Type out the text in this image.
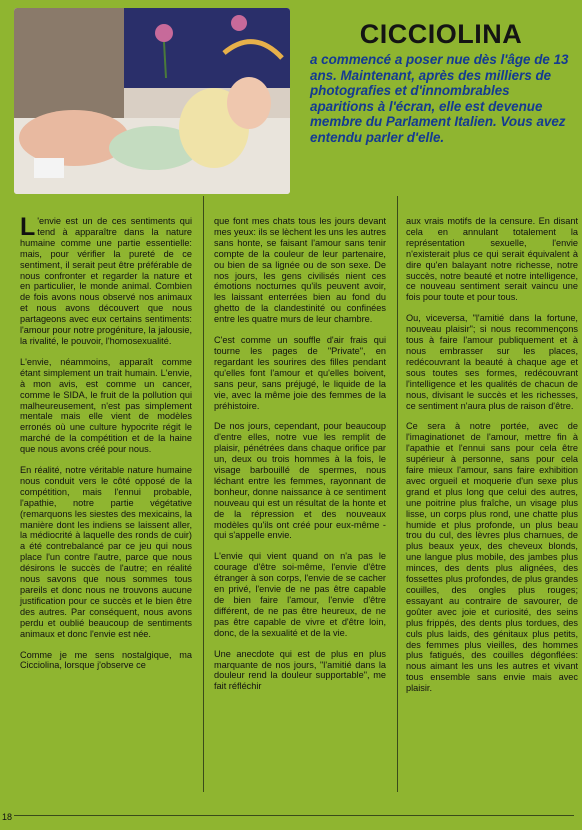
CICCIOLINA

a commencé a poser nue dès l'âge de 13 ans. Maintenant, après des milliers de photografies et d'innombrables aparitions à l'écran, elle est devenue membre du Parlament Italien. Vous avez entendu parler d'elle.

L 'envie est un de ces sentiments qui tend à apparaître dans la nature humaine comme une partie essentielle: mais, pour vérifier la pureté de ce sentiment, il serait peut être préférable de nous confronter et regarder la nature et en particulier, le monde animal. Combien de fois avons nous observé nos animaux et nous avons découvert que nous partageons avec eux certains sentiments: l'amour pour notre progéniture, la jalousie, la rivalité, le pouvoir, l'homosexualité.

L'envie, néammoins, apparaît comme étant simplement un trait humain. L'envie, à mon avis, est comme un cancer, comme le SIDA, le fruit de la pollution qui malheureusement, n'est pas simplement mentale mais elle vient de modèles erronés où une culture hypocrite régit le marché de la compétition et de la haine que nous avons créé pour nous.

En réalité, notre véritable nature humaine nous conduit vers le côté opposé de la compétition, mais l'ennui probable, l'apathie, notre partie végétative (remarquons les siestes des mexicains, la manière dont les indiens se laissent aller, la médiocrité à laquelle des ronds de cuir) a été contrebalancé par ce jeu qui nous place l'un contre l'autre, parce que nous désirons le succès de l'autre; en réalité nous savons que nous sommes tous pareils et donc nous ne trouvons aucune justification pour ce succès et le bien être des autres. Par conséquent, nous avons perdu et oublié beaucoup de sentiments animaux et donc l'envie est née.

Comme je me sens nostalgique, ma Cicciolina, lorsque j'observe ce

que font mes chats tous les jours devant mes yeux: ils se lèchent les uns les autres sans honte, se faisant l'amour sans tenir compte de la couleur de leur partenaire, ou bien de sa lignée ou de son sexe. De nos jours, les gens civilisés nient ces émotions nocturnes qu'ils peuvent avoir, les laissant enterrées bien au fond du ghetto de la clandestinité ou confinées entre les quatre murs de leur chambre.

C'est comme un souffle d'air frais qui tourne les pages de "Private", en regardant les sourires des filles pendant qu'elles font l'amour et qu'elles boivent, sans peur, sans préjugé, le liquide de la vie, avec la même joie des femmes de la préhistoire.

De nos jours, cependant, pour beaucoup d'entre elles, notre vue les remplit de plaisir, pénétrées dans chaque orifice par un, deux ou trois hommes à la fois, le visage barbouillé de spermes, nous léchant entre les femmes, rayonnant de bonheur, donne naissance à ce sentiment nouveau qui est un résultat de la honte et de la répression et des nouveaux modèles qu'ils ont créé pour eux-même - qui s'appelle envie.

L'envie qui vient quand on n'a pas le courage d'être soi-même, l'envie d'être étranger à son corps, l'envie de se cacher en privé, l'envie de ne pas être capable de bien faire l'amour, l'envie d'être différent, de ne pas être heureux, de ne pas être capable de vivre et d'être loin, donc, de la sexualité et de la vie.

Une anecdote qui est de plus en plus marquante de nos jours, "l'amitié dans la douleur rend la douleur supportable", me fait réfléchir

aux vrais motifs de la censure. En disant cela en annulant totalement la représentation sexuelle, l'envie n'existerait plus ce qui serait équivalent à dire qu'en balayant notre richesse, notre succès, notre beauté et notre intelligence, ce nouveau sentiment serait vaincu une fois pour toute et pour tous.

Ou, viceversa, "l'amitié dans la fortune, nouveau plaisir"; si nous recommençons tous à faire l'amour publiquement et à nous embrasser sur les places, redécouvrant la beauté à chaque age et sous toutes ses formes, redécouvrant l'intelligence et les qualités de chacun de nous, divisant le succès et les richesses, ce sentiment n'aura plus de raison d'être.

Ce sera à notre portée, avec de l'imaginationet de l'amour, mettre fin à l'apathie et l'ennui sans pour cela être supérieur à personne, sans pour cela faire mieux l'amour, sans faire exhibition avec orgueil et moquerie d'un sexe plus grand et plus long que celui des autres, une poitrine plus fraîche, un visage plus lisse, un corps plus rond, une chatte plus humide et plus profonde, un plus beau trou du cul, des lèvres plus charnues, de plus beaux yeux, des cheveux blonds, une langue plus mobile, des jambes plus minces, des dents plus alignées, des fossettes plus profondes, de plus grandes couilles, des ongles plus rouges; essayant au contraire de savourer, de goûter avec joie et curiosité, des seins plus frippés, des dents plus tordues, des culs plus laids, des génitaux plus petits, des femmes plus vieilles, des hommes plus fatigués, des couilles dégonflées: nous aimant les uns les autres et vivant tous ensemble sans envie mais avec plaisir.

18
